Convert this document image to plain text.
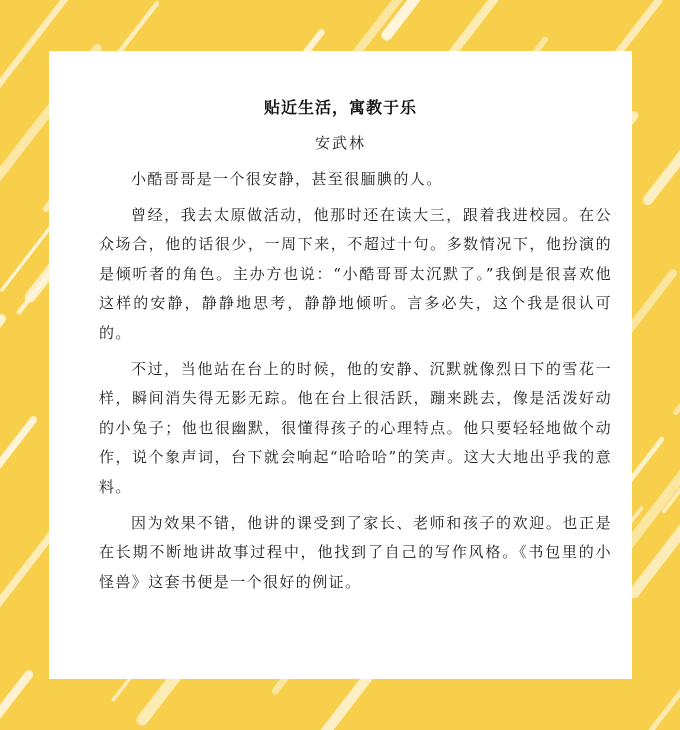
贴近生活，寓教于乐
安武林

小酷哥哥是一个很安静，甚至很腼腆的人。

曾经，我去太原做活动，他那时还在读大三，跟着我进校园。在公众场合，他的话很少，一周下来，不超过十句。多数情况下，他扮演的是倾听者的角色。主办方也说：“小酷哥哥太沉默了。”我倒是很喜欢他这样的安静，静静地思考，静静地倾听。言多必失，这个我是很认可的。

不过，当他站在台上的时候，他的安静、沉默就像烈日下的雪花一样，瞬间消失得无影无踪。他在台上很活跃，蹦来跳去，像是活泼好动的小兔子；他也很幽默，很懂得孩子的心理特点。他只要轻轻地做个动作，说个象声词，台下就会响起“哈哈哈”的笑声。这大大地出乎我的意料。

因为效果不错，他讲的课受到了家长、老师和孩子的欢迎。也正是在长期不断地讲故事过程中，他找到了自己的写作风格。《书包里的小怪兽》这套书便是一个很好的例证。
